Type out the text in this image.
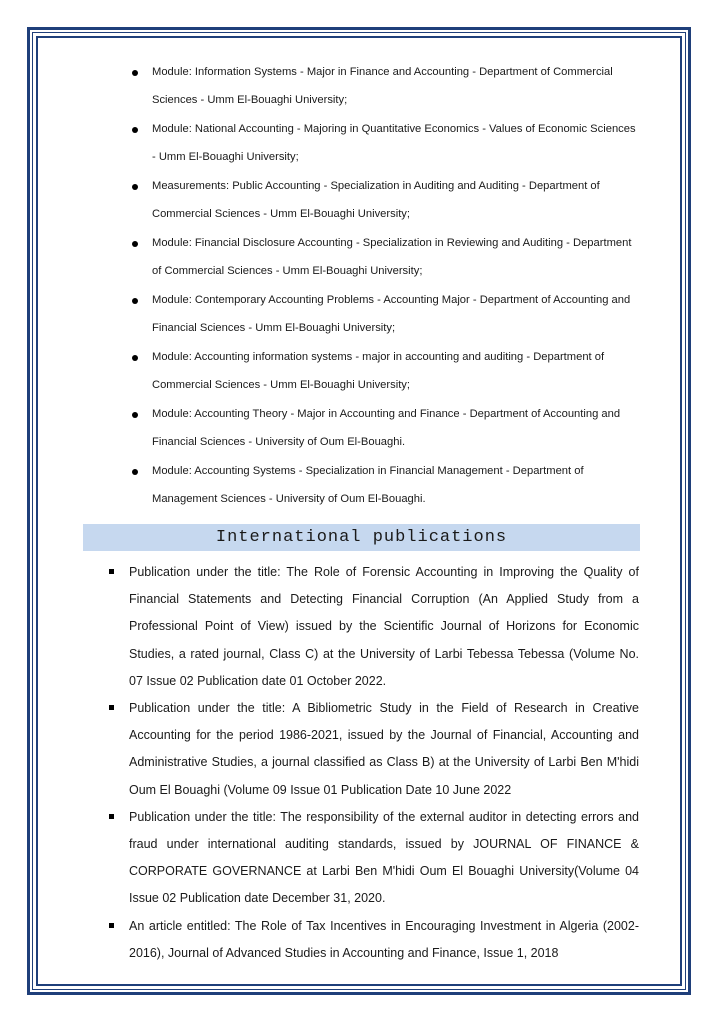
Module: Information Systems - Major in Finance and Accounting - Department of Commercial Sciences - Umm El-Bouaghi University;
Module: National Accounting - Majoring in Quantitative Economics - Values of Economic Sciences - Umm El-Bouaghi University;
Measurements: Public Accounting - Specialization in Auditing and Auditing - Department of Commercial Sciences - Umm El-Bouaghi University;
Module: Financial Disclosure Accounting - Specialization in Reviewing and Auditing - Department of Commercial Sciences - Umm El-Bouaghi University;
Module: Contemporary Accounting Problems - Accounting Major - Department of Accounting and Financial Sciences - Umm El-Bouaghi University;
Module: Accounting information systems - major in accounting and auditing - Department of Commercial Sciences - Umm El-Bouaghi University;
Module: Accounting Theory - Major in Accounting and Finance - Department of Accounting and Financial Sciences - University of Oum El-Bouaghi.
Module: Accounting Systems - Specialization in Financial Management - Department of Management Sciences - University of Oum El-Bouaghi.
International publications
Publication under the title: The Role of Forensic Accounting in Improving the Quality of Financial Statements and Detecting Financial Corruption (An Applied Study from a Professional Point of View) issued by the Scientific Journal of Horizons for Economic Studies, a rated journal, Class C) at the University of Larbi Tebessa Tebessa (Volume No. 07 Issue 02 Publication date 01 October 2022.
Publication under the title: A Bibliometric Study in the Field of Research in Creative Accounting for the period 1986-2021, issued by the Journal of Financial, Accounting and Administrative Studies, a journal classified as Class B) at the University of Larbi Ben M'hidi Oum El Bouaghi (Volume 09 Issue 01 Publication Date 10 June 2022
Publication under the title: The responsibility of the external auditor in detecting errors and fraud under international auditing standards, issued by JOURNAL OF FINANCE & CORPORATE GOVERNANCE at Larbi Ben M'hidi Oum El Bouaghi University(Volume 04 Issue 02 Publication date December 31, 2020.
An article entitled: The Role of Tax Incentives in Encouraging Investment in Algeria (2002-2016), Journal of Advanced Studies in Accounting and Finance, Issue 1, 2018
